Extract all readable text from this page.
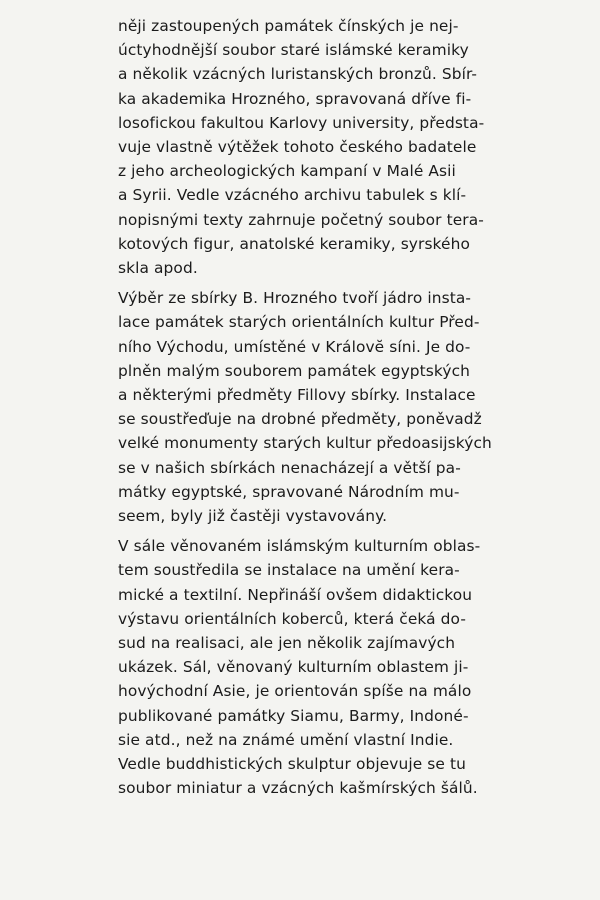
něji zastoupených památek čínských je nej-
úctyhodnější soubor staré islámské keramiky
a několik vzácných luristanských bronzů. Sbír-
ka akademika Hrozného, spravovaná dříve fi-
losofickou fakultou Karlovy university, předsta-
vuje vlastně výtěžek tohoto českého badatele
z jeho archeologických kampaní v Malé Asii
a Syrii. Vedle vzácného archivu tabulek s klí-
nopisnými texty zahrnuje početný soubor tera-
kotových figur, anatolské keramiky, syrského
skla apod.

Výběr ze sbírky B. Hrozného tvoří jádro insta-
lace památek starých orientálních kultur Před-
ního Východu, umístěné v Královĕ síni. Je do-
plněn malým souborem památek egyptských
a některými předměty Fillovy sbírky. Instalace
se soustřeďuje na drobné předměty, poněvadž
velké monumenty starých kultur předoasijských
se v našich sbírkách nenacházejí a větší pa-
mátky egyptské, spravované Národním mu-
seem, byly již častěji vystavovány.

V sále věnovaném islámským kulturním oblas-
tem soustředila se instalace na umění kera-
mické a textilní. Nepřináší ovšem didaktickou
výstavu orientálních koberců, která čeká do-
sud na realisaci, ale jen několik zajímavých
ukázek. Sál, věnovaný kulturním oblastem ji-
hovýchodní Asie, je orientován spíše na málo
publikované památky Siamu, Barmy, Indoné-
sie atd., než na známé umění vlastní Indie.
Vedle buddhistických skulptur objevuje se tu
soubor miniatur a vzácných kašmírských šálů.
